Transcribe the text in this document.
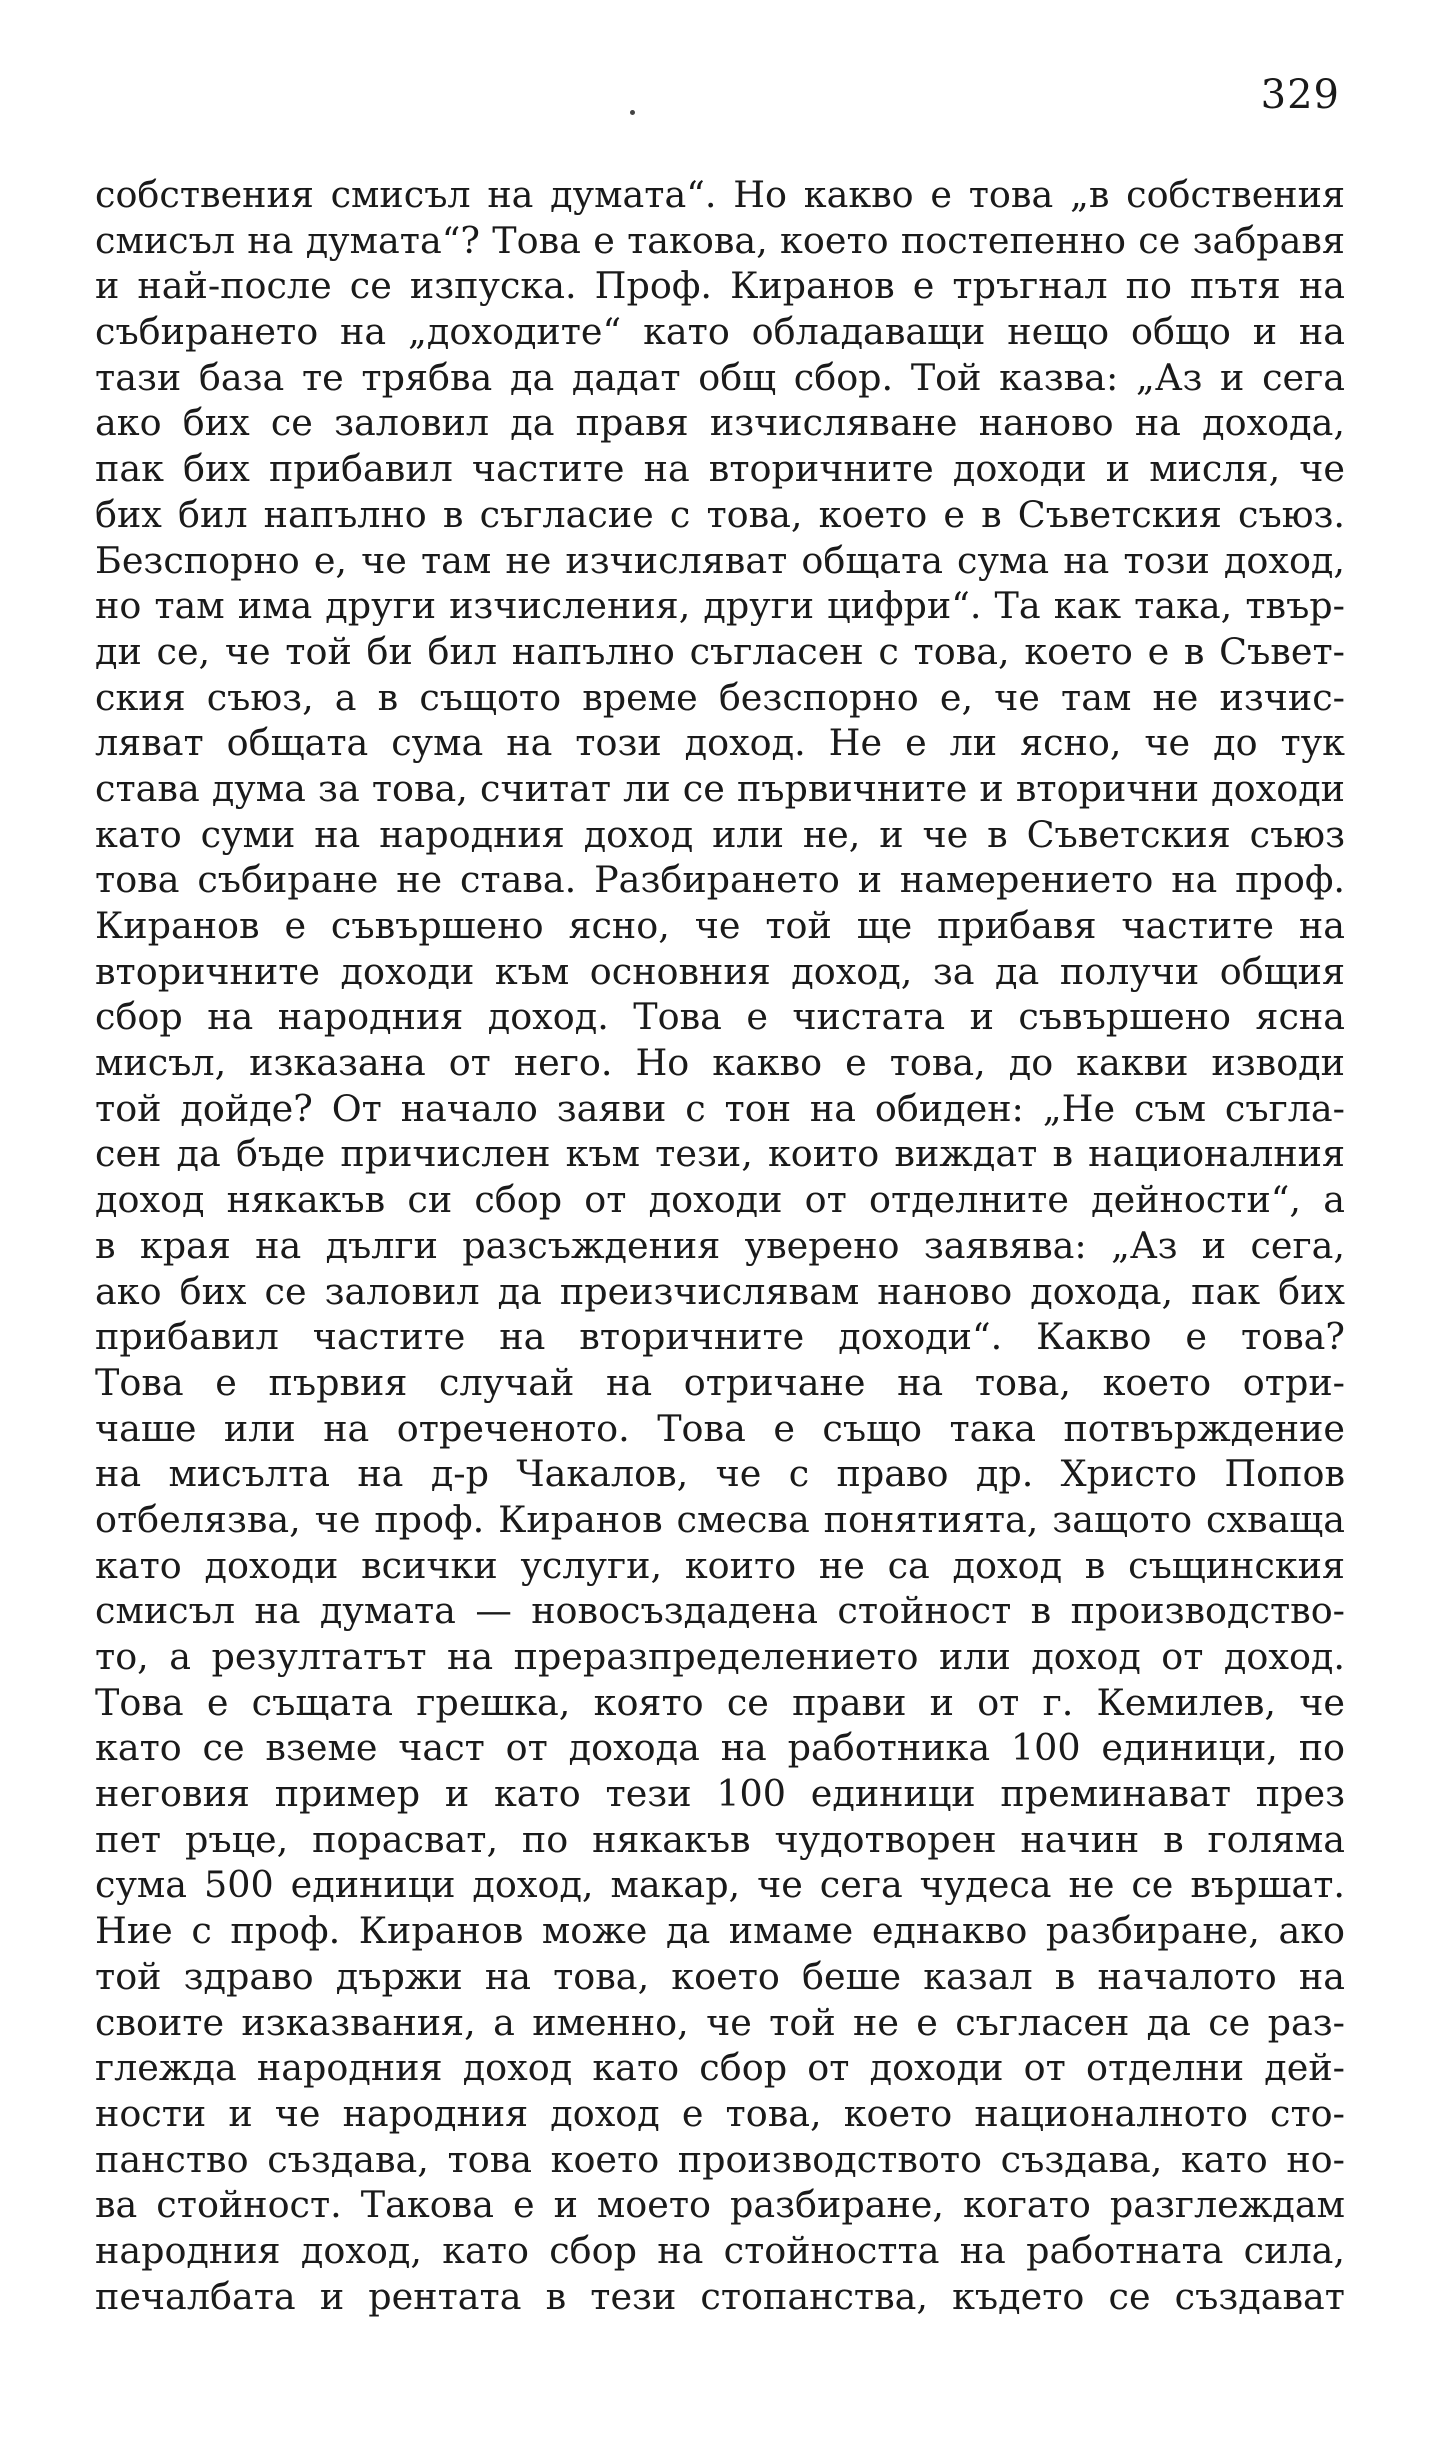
329
собствения смисъл на думата“. Но какво е това „в собствения
смисъл на думата“? Това е такова, което постепенно се забравя
и най-после се изпуска. Проф. Киранов е тръгнал по пътя на
събирането на „доходите“ като обладаващи нещо общо и на
тази база те трябва да дадат общ сбор. Той казва: „Аз и сега
ако бих се заловил да правя изчисляване наново на дохода,
пак бих прибавил частите на вторичните доходи и мисля, че
бих бил напълно в съгласие с това, което е в Съветския съюз.
Безспорно е, че там не изчисляват общата сума на този доход,
но там има други изчисления, други цифри“. Та как така, твър-
ди се, че той би бил напълно съгласен с това, което е в Съвет-
ския съюз, а в същото време безспорно е, че там не изчис-
ляват общата сума на този доход. Не е ли ясно, че до тук
става дума за това, считат ли се първичните и вторични доходи
като суми на народния доход или не, и че в Съветския съюз
това събиране не става. Разбирането и намерението на проф.
Киранов е съвършено ясно, че той ще прибавя частите на
вторичните доходи към основния доход, за да получи общия
сбор на народния доход. Това е чистата и съвършено ясна
мисъл, изказана от него. Но какво е това, до какви изводи
той дойде? От начало заяви с тон на обиден: „Не съм съгла-
сен да бъде причислен към тези, които виждат в националния
доход някакъв си сбор от доходи от отделните дейности“, а
в края на дълги разсъждения уверено заявява: „Аз и сега,
ако бих се заловил да преизчислявам наново дохода, пак бих
прибавил частите на вторичните доходи“. Какво е това?
Това е първия случай на отричане на това, което отри-
чаше или на отреченото. Това е също така потвърждение
на мисълта на д-р Чакалов, че с право др. Христо Попов
отбелязва, че проф. Киранов смесва понятията, защото схваща
като доходи всички услуги, които не са доход в същинския
смисъл на думата — новосъздадена стойност в производство-
то, а резултатът на преразпределението или доход от доход.
Това е същата грешка, която се прави и от г. Кемилев, че
като се вземе част от дохода на работника 100 единици, по
неговия пример и като тези 100 единици преминават през
пет ръце, порасват, по някакъв чудотворен начин в голяма
сума 500 единици доход, макар, че сега чудеса не се вършат.
Ние с проф. Киранов може да имаме еднакво разбиране, ако
той здраво държи на това, което беше казал в началото на
своите изказвания, а именно, че той не е съгласен да се раз-
глежда народния доход като сбор от доходи от отделни дей-
ности и че народния доход е това, което националното сто-
панство създава, това което производството създава, като но-
ва стойност. Такова е и моето разбиране, когато разглеждам
народния доход, като сбор на стойността на работната сила,
печалбата и рентата в тези стопанства, където се създават
